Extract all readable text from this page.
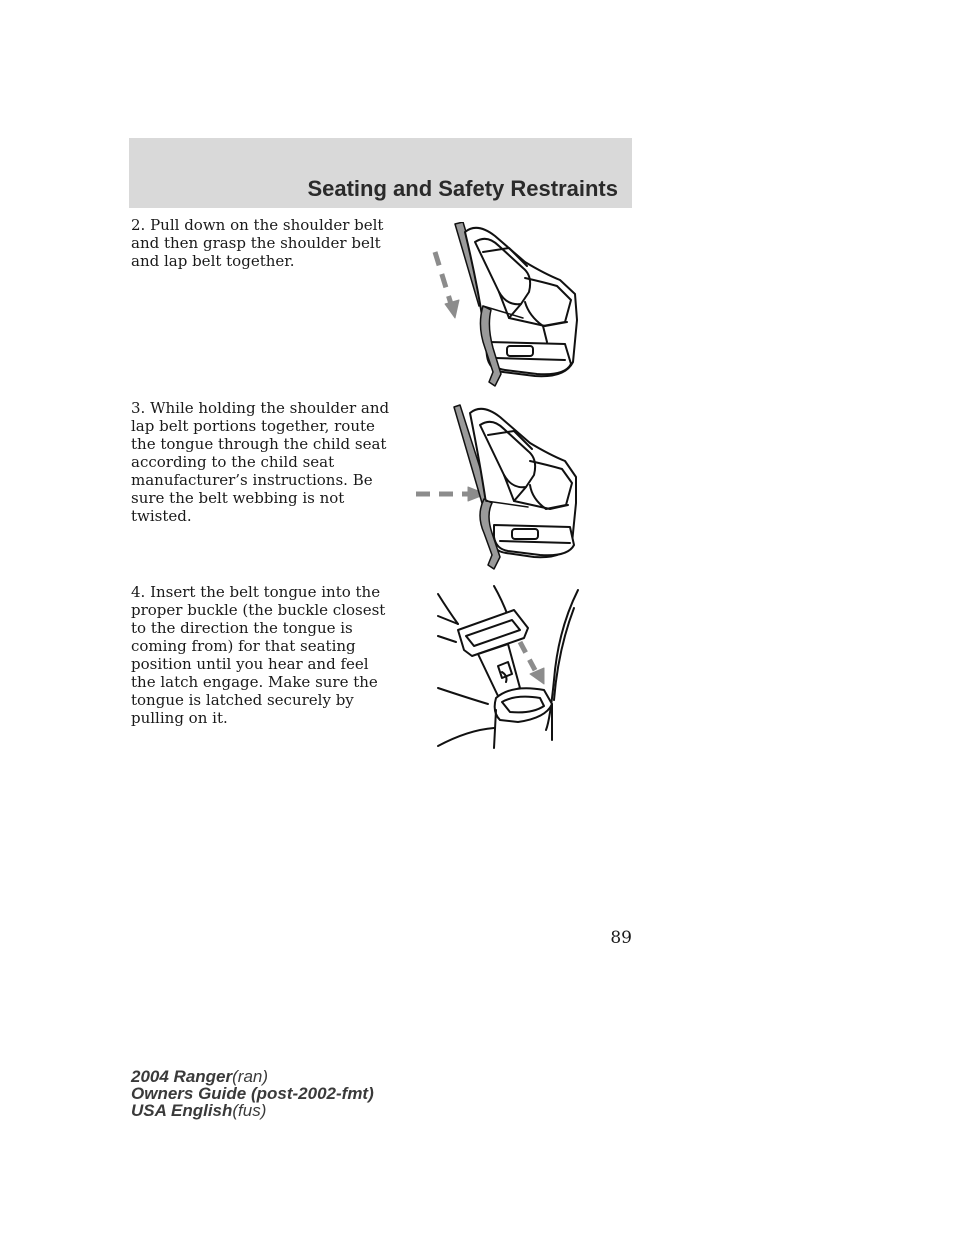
Seating and Safety Restraints
2. Pull down on the shoulder belt and then grasp the shoulder belt and lap belt together.
3. While holding the shoulder and lap belt portions together, route the tongue through the child seat according to the child seat manufacturer’s instructions. Be sure the belt webbing is not twisted.
4. Insert the belt tongue into the proper buckle (the buckle closest to the direction the tongue is coming from) for that seating position until you hear and feel the latch engage. Make sure the tongue is latched securely by pulling on it.
89
2004 Ranger(ran)
Owners Guide (post-2002-fmt)
USA English(fus)
